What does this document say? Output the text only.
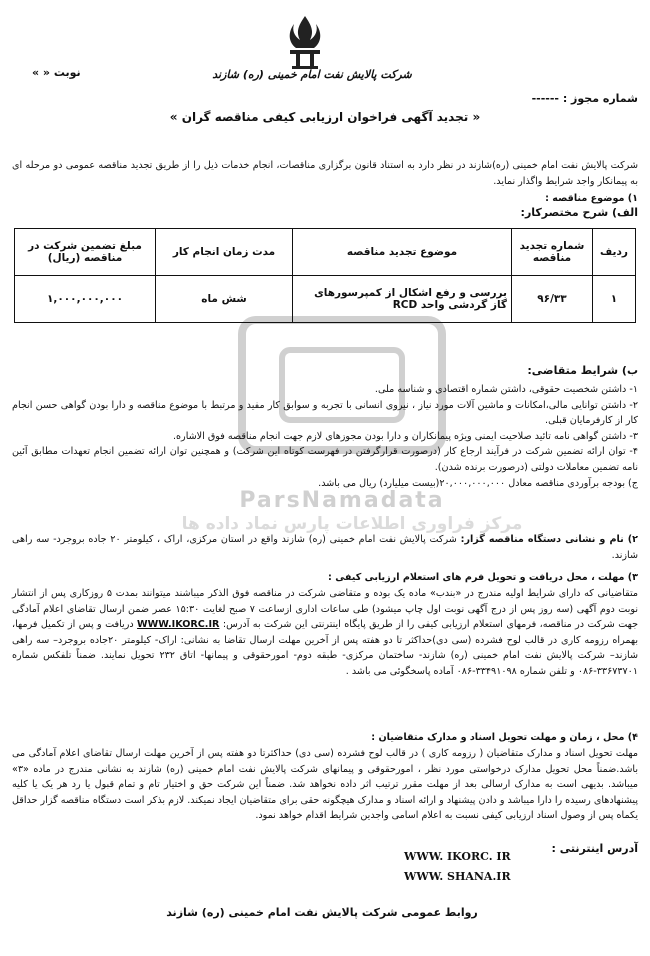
شرکت پالایش نفت امام خمینی (ره) شازند
شماره مجوز : ------
نوبت « »
« تجدید آگهی فراخوان ارزیابی کیفی مناقصه گران »
ParsNamadata
مرکز فراوری اطلاعات پارس نماد داده ها
شرکت پالایش نفت امام خمینی (ره)شازند در نظر دارد به استناد قانون برگزاری مناقصات، انجام خدمات ذیل را از طریق تجدید مناقصه عمومی دو مرحله ای به پیمانکار واجد شرایط واگذار نماید.
۱) موضوع مناقصه :
الف) شرح مختصرکار:
ردیف	شماره تجدید مناقصه	موضوع تجدید مناقصه	مدت زمان انجام کار	مبلغ تضمین شرکت در مناقصه (ریال)
۱	۹۶/۳۳	بررسی و رفع اشکال از کمپرسورهای گاز گردشی واحد RCD	شش ماه	۱,۰۰۰,۰۰۰,۰۰۰
ب) شرایط متقاضی:
۱- داشتن شخصیت حقوقی، داشتن شماره اقتصادی و شناسه ملی.
۲- داشتن توانایی مالی،امکانات و ماشین آلات مورد نیاز ، نیروی انسانی با تجربه و سوابق کار مفید و مرتبط با موضوع مناقصه و دارا بودن گواهی حسن انجام کار از کارفرمایان قبلی.
۳- داشتن گواهی نامه تائید صلاحیت ایمنی ویژه پیمانکاران و دارا بودن مجوزهای لازم جهت انجام مناقصه فوق الاشاره.
۴- توان ارائه تضمین شرکت در فرآیند ارجاع کار (درصورت قرارگرفتن در فهرست کوتاه این شرکت) و همچنین توان ارائه تضمین انجام تعهدات مطابق آئین نامه تضمین معاملات دولتی (درصورت برنده شدن).
ج) بودجه برآوردی مناقصه معادل ۲۰,۰۰۰,۰۰۰,۰۰۰(بیست میلیارد) ریال می باشد.
۲) نام و نشانی دستگاه مناقصه گزار: شرکت پالایش نفت امام خمینی (ره) شازند واقع در استان مرکزی، اراک ، کیلومتر ۲۰ جاده بروجرد- سه راهی شازند.
۳) مهلت ، محل دریافت و تحویل فرم های استعلام ارزیابی کیفی :
متقاضیانی که دارای شرایط اولیه مندرج در «بندب» ماده یک بوده و متقاضی شرکت در مناقصه فوق الذکر میباشند میتوانند بمدت ۵ روزکاری پس از انتشار نوبت دوم آگهی (سه روز پس از درج آگهی نوبت اول چاپ میشود) طی ساعات اداری ازساعت ۷ صبح لغایت ۱۵:۳۰ عصر ضمن ارسال تقاضای اعلام آمادگی جهت شرکت در مناقصه، فرمهای استعلام ارزیابی کیفی را از طریق پایگاه اینترنتی این شرکت به آدرس: WWW.IKORC.IR دریافت و پس از تکمیل فرمها، بهمراه رزومه کاری در قالب لوح فشرده (سی دی)حداکثر تا دو هفته پس از آخرین مهلت ارسال تقاضا به نشانی: اراک- کیلومتر ۲۰جاده بروجرد– سه راهی شازند– شرکت پالایش نفت امام خمینی (ره) شازند- ساختمان مرکزی- طبقه دوم- امورحقوقی و پیمانها- اتاق ۲۳۲ تحویل نمایند. ضمناً تلفکس شماره ۳۳۶۷۳۷۰۱-۰۸۶ و تلفن شماره ۳۳۴۹۱۰۹۸-۰۸۶ آماده پاسخگوئی می باشد .
۴) محل ، زمان و مهلت تحویل اسناد و مدارک متقاضیان :
مهلت تحویل اسناد و مدارک متقاضیان ( رزومه کاری ) در قالب لوح فشرده (سی دی) حداکثرتا دو هفته پس از آخرین مهلت ارسال تقاضای اعلام آمادگی می باشد.ضمناً محل تحویل مدارک درخواستی مورد نظر ، امورحقوقی و پیمانهای شرکت پالایش نفت امام خمینی (ره) شازند به نشانی مندرج در ماده «۳» میباشد. بدیهی است به مدارک ارسالی بعد از مهلت مقرر ترتیب اثر داده نخواهد شد. ضمناً این شرکت حق و اختیار تام و تمام قبول یا رد هر یک یا کلیه پیشنهادهای رسیده را دارا میباشد و دادن پیشنهاد و ارائه اسناد و مدارک هیچگونه حقی برای متقاضیان ایجاد نمیکند. لازم بذکر است دستگاه مناقصه گزار حداقل یکماه پس از وصول اسناد ارزیابی کیفی نسبت به اعلام اسامی واجدین شرایط اقدام خواهد نمود.
آدرس اینترنتی :
WWW. IKORC. IR
WWW. SHANA.IR
روابط عمومی شرکت پالایش نفت امام خمینی (ره) شازند
